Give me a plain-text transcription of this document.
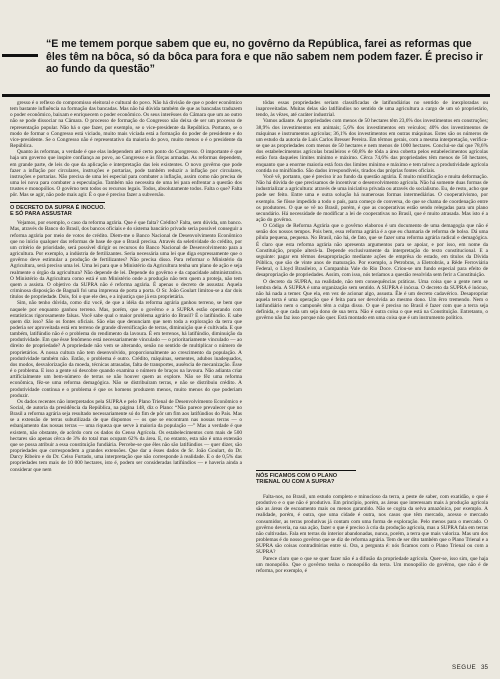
“E me temem porque sabem que eu, no govêrno da República, farei as reformas que êles têm na bôca, só da bôca para fora e que não sabem nem podem fazer. É preciso ir ao fundo da questão”

gresso é o reflexo do compromisso eleitoral e cultural do povo. Não há divisão de que o poder econômico tem bastante influência na formação das bancadas. Mas não há dúvida também de que as bancadas traduzem o poder econômico, baixam e enriquecem o poder econômico. Os seus interêsses do Câmara que um ao outro não se pode dissociar na Câmara. O processo de formação do Congresso não deixa de ser um processo de representação popular. Não há o que fazer, por exemplo, se o vice-presidente da República. Portanto, se o modo de formar o Congresso está viciado, muito mais viciada está a formação do poder de presidente e do vice-presidente. Se o Congresso não é representativo da maioria do povo, muito menos o é o presidente da República.

Quanto às reformas, a verdade é que elas independem até certo ponto do Congresso. O importante é que haja um governo que inspire confiança ao povo, ao Congresso e às fôrças armadas. As reformas dependem, em grande parte, de leis do que da aplicação e interpretação das leis existentes. O novo govêrno que pode fazer a inflação por circulares, instruções e portarias, pode também reduzir a inflação por circulares, instruções e portarias. Não precisa de uma lei especial para combater a inflação, assim como não precisa de uma lei nova para combater a especulação. Também não necessita de uma lei para enfrentar a questão dos trustes e monopólios. O govêrno tem todos os recursos legais. Todos, absolutamente todos. Falta o que? Falta pôr. Mas se agir, não pode mais agir. É o que é preciso fazer a subversão.

O DECRETO DA SUPRA É INOCUO. E SÓ PARA ASSUSTAR

Vejamos, por exemplo, o caso da reforma agrária. Que é que falta? Crédito? Falta, sem dúvida, um banco. Mas, através do Banco do Brasil, dos bancos oficiais e do sistema bancário privado seria possível conseguir a reforma agrária por meio de votos de crédito. Diem-me o Banco Nacional de Desenvolvimento Econômico que no início qualquer das reformas de base de que o Brasil precisa. Através da seletividade do crédito, por um critério de prioridade, será possível dirigir os recursos do Banco Nacional de Desenvolvimento para a agricultura. Por exemplo, a indústria de fertilizantes. Seria necessária uma lei que diga expressamente que o govêrno deve estimular a produção de fertilizantes? Não precisa disso. Para reformar o Ministério da Agricultura, será preciso uma lei. Uma lei para que o Ministério da Agricultura tenha um plano de ação e seja realmente o órgão da agricultura? Não depende de lei. Depende do govêrno e da capacidade administrativa. O Ministério da Agricultura como está é um Ministério onde a produção não tem quem a proteja, não tem quem a assista. O objetivo da SUPRA não é reforma agrária. É apenas o decreto de assustar. Aquela criminosa disposição de Bagnali foi uma imprensa de porta a porta. O Sr. João Goulart limitou-se a dar dois títulos de propriedade. Dois, foi o que ele deu, e a injustiça que já era proprietária.

Sim, não tenho dúvida, como diz você, de que a idéia da reforma agrária ganhou terreno, se bem que naquele por enquanto ganhou terreno. Mas, porém, que o govêrno e a SUPRA estão operando com estatísticas rigorosamente falsas. Você sabe qual o maior problema agrário do Brasil? É o latifúndio. E sabe quem diz isso? São os fontes oficiais. São elas que denunciam que nem toda a exploração da terra que poderia ser aproveitada está em terreno de grande diversificação de terras, diminuição que é cultivada. E que também, latifúndio não é o problema do rendimento da lavoura. É em terrenos, há latifúndio, diminuição da produtividade. Em que êsse fenômeno está necessariamente vinculado — o prioritariamente vinculado — ao direito de propriedade? A propriedade não vem se alterando, senão no sentido de multiplicar o número de proprietários. A nossa cultura não tem desenvolvido, proporcionalmente ao crescimento da população. A produtividade também não. Então, o problema é outro. Crédito, máquinas, sementes, adubos inadequados, dos modos, desvalorização da moeda, técnicas atrasadas, falta de transportes, ausência de mecanização. Ésse é o problema. E isso a gente só descobre quando examina o número de braços na lavoura. Não adianta criar artificialmente um bem-número de terras se não houver quem as explore. Não se fêz uma reforma econômica, fêz-se uma reforma demagógica. Não se distribuíram terras, e não se distribuiu crédito. A produtividade continua e o problema é que os homens produzem menos, muito menos do que poderiam produzir.

Os dados recentes não interpretados pela SUPRA e pelo Plano Trienal de Desenvolvimento Econômico e Social, de autoria da presidência da República, na página 148, diz o Plano: “Não parece prevalecer que no Brasil a reforma agrária seja resultado necessariamente só do fim de pôr um fim aos latifúndios do País. Mas se a extensão de terras subutilizada de que dispomos — os que se encontram nas nossas terras — o esbanjamento das nossas terras — uma riqueza que serve à maioria da população —” Mas a verdade é que existem, não obstante, de acôrdo com os dados do Censo Agrícola. Os estabelecimentos com mais de 500 hectares são apenas cêrca de 3% do total mas ocupam 62% da área. E, no entanto, esta não é uma extensão que se possa atribuir a essa constituição fundiária. Percebe-se que êles não são latifúndios — quer dizer, são propriedades que correspondem a grandes extensões. Que dar a êsses dados de Sr. João Goulart, do Dr. Darcy Ribeiro e do Dr. Celso Furtado, uma interpretação que não corresponde à realidade. E o de 0,5% das propriedades tem mais de 10 000 hectares, isto é, podem ser consideradas latifúndios — e haveria ainda a considerar que nem

tôdas essas propriedades seriam classificadas de latifundiárias no sentido de inexploradas ou inaproveitadas. Muitas delas são latifúndios no sentido de uma agricultura a cargo de um só proprietário, tendo, às vêzes, até caráter industrial.

Vamos adiante. As propriedades com menos de 50 hectares têm 23,6% dos investimentos em construções; 38,9% dos investimentos em animais; 5,6% dos investimentos em veículos; 40% dos investimentos de máquinas e instrumentos agrícolas; 36,1% dos investimentos em outras máquinas. Estes são os números de um estudo da autoria de Luís Carlos Bresser Pereira. Em têrmos gerais, com a mesma interpretação, verifica-se que as propriedades com menos de 50 hectares e nem menos de 1000 hectares. Conclui-se daí que 78,6% dos estabelecimentos agrícolas brasileiros e 60,8% de tôda a área coberta pelos estabelecimentos agrícolas estão fora daqueles limites mínimo e máximo. Cêrca 74,6% das propriedades têm menos de 50 hectares, enquanto que a enorme maioria está fora dos limites mínimo e máximo e tem talvez a produtividade agrícola contida no minifúndio. São dados irrespondíveis, tirados das próprias fontes oficiais.

Você vê, portanto, que é preciso ir ao fundo da questão agrária. É muito mistificação e muita deformação. Não há dúvida de que precisamos de incentivar o desenvolvimento agrícola. Não há somente duas formas de industrializar a agricultura: através de uma iniciativa privada ou através do socialismo. Eu, de resto, acho que pode ser feito. Entre uma e outra solução há numerosas formas intermediárias. O cooperativismo, por exemplo. Se fôsse impedido a todo o país, para começo de conversa, do que se chama de coordenação entre os produtores. O que se vê no Brasil, porém, é que as cooperativas estão sendo relegadas para um plano secundário. Há necessidade de modificar a lei de cooperativas no Brasil, que é muito atrasada. Mas isto é a ação do govêrno.

O Código de Reforma Agrária que o govêrno elaborou é um documento de uma demagogia que não é senão dos nossos tempos. Pois bem, essa reforma agrária é a que eu chamaria de reforma de bolso. Dá uma pilula pequena, pequena. No Brasil, não há, de fato, que se fazer uma reforma agrária radical e demagógica. É claro que esta reforma agrária não apresenta argumentos para se apoiar, e por isso, em nome da Constituição, propõe alterá-la. Depende exclusivamente da interpretação do texto constitucional. E a seguinte: pagar em têrmos desapropriação mediante ações de emprêsa do estado, em títulos da Dívida Pública, que são de vinte anos de maturação. Por exemplo, a Petrobras, a Eletrobrás, a Rêde Ferroviária Federal, o Lloyd Brasileiro, a Companhia Vale do Rio Doce. Criou-se um fundo especial para efeito de desapropriação de propriedades. Assim, com isso, nós teríamos a questão resolvida sem ferir a Constituição.

O decreto da SUPRA, na realidade, não tem consequências práticas. Uma coisa que a gente nem se lembra dela. A SUPRA é uma organização sem sentido. A SUPRA é inócua. O decreto da SUPRA é inócuo, não há nada a temer. Que ela, em vez de acionar algo, assusta. Êle é um decreto cadavérico. Desapropriar aquela terra é uma operação que é feita para ser devolvida ao mesmo dono. Um êrro tremendo. Nem o latifundiário nem o camponês têm a culpa disso. O que é preciso no Brasil é fazer com que a terra seja definida, e que cada um seja dono de sua terra. Não é outra coisa o que está na Constituição. Entretanto, o govêrno não faz isso porque não quer. Está montado em uma coisa que é um instrumento político.

NÓS FICAMOS COM O PLANO TRIENAL OU COM A SUPRA?

Falta-nos, no Brasil, um estudo completo e minucioso da terra, a peste de saber, com exatidão, o que é produtivo e o que não é produtivo. Em princípio, porém, as áreas que interessam mais à produção agrícola são as áreas de escoamento mais ou menos garantido. Não se cogita da selva amazônica, por exemplo. A realidade, porém, é outra, que uma cidade é outra, nos casos que têm mercado, acesso e mercado consumidor, as terras produtivas já contam com uma forma de exploração. Pelo menos para o mercado. O govêrno deveria, na sua ação, fazer o que é preciso à cria da produção agrícola, mas a SUPRA fala em terras não cultivadas. Fala em terras do interior abandonadas, nunca, porém, a terra que mais valoriza. Mas um dos problemas é do nosso govêrno que se diz de reforma agrária. Tem de ser dito também que o Plano Trienal e a SUPRA são coisas contraditórias entre si. Ora, a pergunta é: nós ficamos com o Plano Trienal ou com a SUPRA?

Parece claro que o que se quer fazer não é a difusão da propriedade agrícola. Quer-se, isso sim, que haja um monopólio. Que o govêrno tenha o monopólio da terra. Um monopólio do govêrno, que não é de reforma, por exemplo, é

SEGUE 35
